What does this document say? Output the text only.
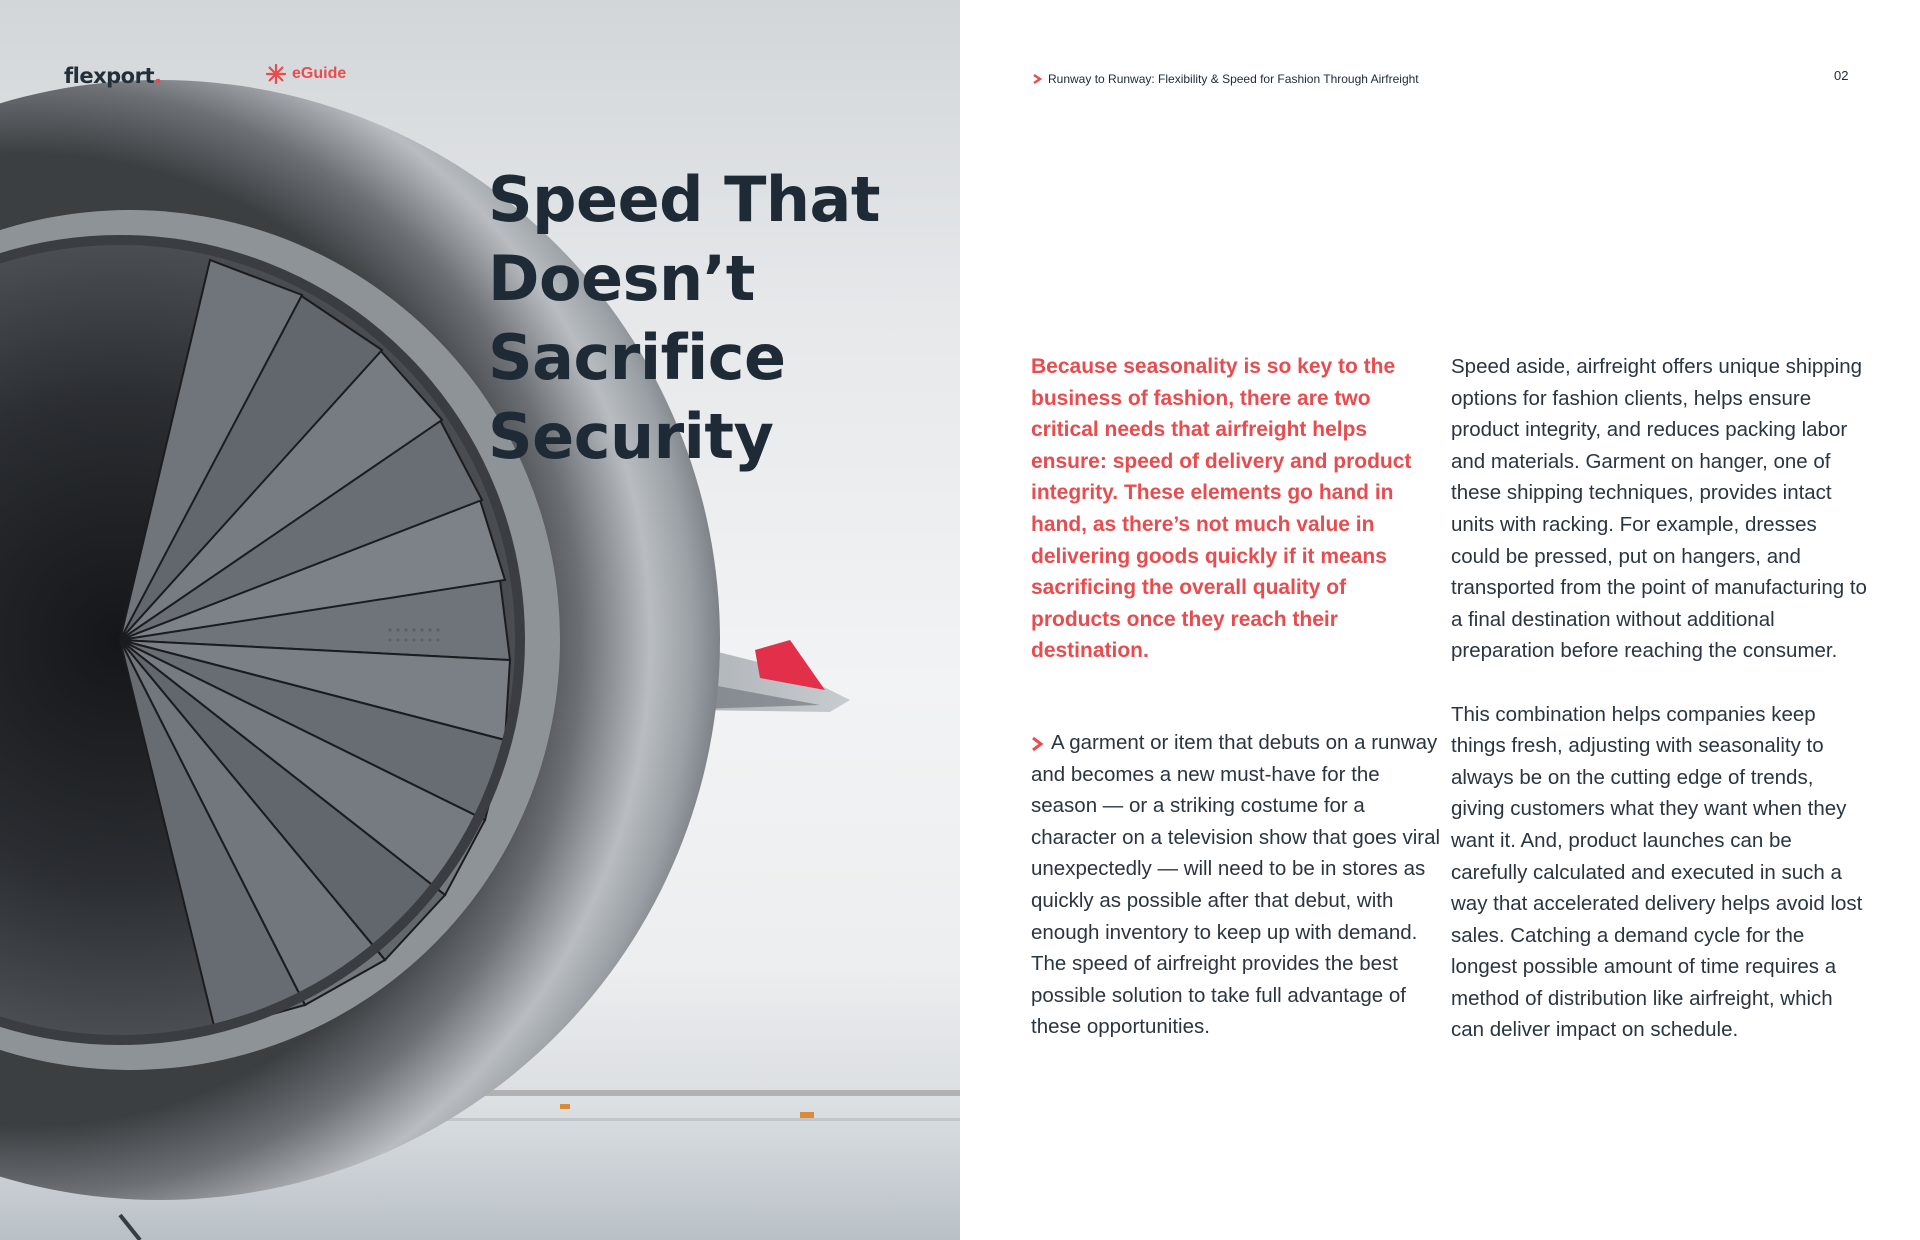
flexport.	eGuide
Speed That Doesn’t Sacrifice Security
Runway to Runway: Flexibility & Speed for Fashion Through Airfreight	02

Because seasonality is so key to the business of fashion, there are two critical needs that airfreight helps ensure: speed of delivery and product integrity. These elements go hand in hand, as there’s not much value in delivering goods quickly if it means sacrificing the overall quality of products once they reach their destination.

A garment or item that debuts on a runway and becomes a new must-have for the season — or a striking costume for a character on a television show that goes viral unexpectedly — will need to be in stores as quickly as possible after that debut, with enough inventory to keep up with demand. The speed of airfreight provides the best possible solution to take full advantage of these opportunities.

Speed aside, airfreight offers unique shipping options for fashion clients, helps ensure product integrity, and reduces packing labor and materials. Garment on hanger, one of these shipping techniques, provides intact units with racking. For example, dresses could be pressed, put on hangers, and transported from the point of manufacturing to a final destination without additional preparation before reaching the consumer.

This combination helps companies keep things fresh, adjusting with seasonality to always be on the cutting edge of trends, giving customers what they want when they want it. And, product launches can be carefully calculated and executed in such a way that accelerated delivery helps avoid lost sales. Catching a demand cycle for the longest possible amount of time requires a method of distribution like airfreight, which can deliver impact on schedule.
